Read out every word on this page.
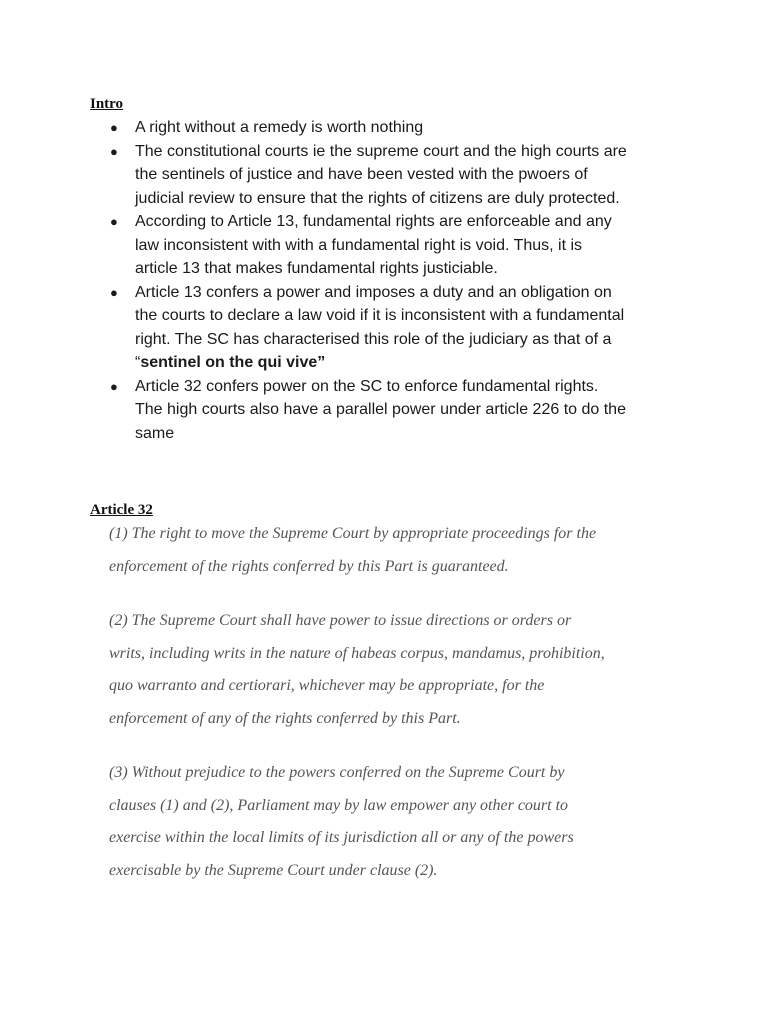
Intro
● A right without a remedy is worth nothing
● The constitutional courts ie the supreme court and the high courts are
the sentinels of justice and have been vested with the pwoers of
judicial review to ensure that the rights of citizens are duly protected.
● According to Article 13, fundamental rights are enforceable and any
law inconsistent with with a fundamental right is void. Thus, it is
article 13 that makes fundamental rights justiciable.
● Article 13 confers a power and imposes a duty and an obligation on
the courts to declare a law void if it is inconsistent with a fundamental
right. The SC has characterised this role of the judiciary as that of a
“sentinel on the qui vive”
● Article 32 confers power on the SC to enforce fundamental rights.
The high courts also have a parallel power under article 226 to do the
same
Article 32

(1) The right to move the Supreme Court by appropriate proceedings for the
enforcement of the rights conferred by this Part is guaranteed.

(2) The Supreme Court shall have power to issue directions or orders or
writs, including writs in the nature of habeas corpus, mandamus, prohibition,
quo warranto and certiorari, whichever may be appropriate, for the
enforcement of any of the rights conferred by this Part.

(3) Without prejudice to the powers conferred on the Supreme Court by
clauses (1) and (2), Parliament may by law empower any other court to
exercise within the local limits of its jurisdiction all or any of the powers
exercisable by the Supreme Court under clause (2).
